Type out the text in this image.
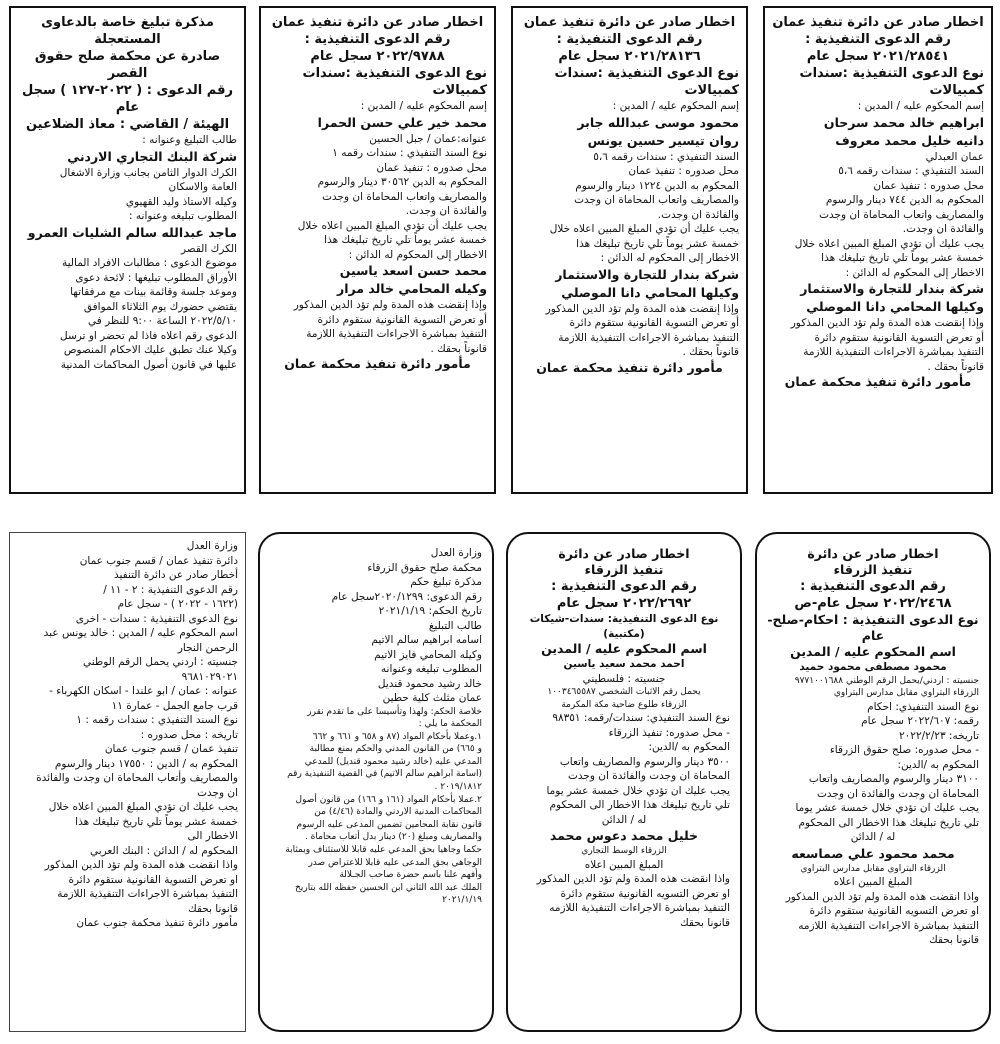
اخطار صادر عن دائرة تنفيذ عمان
رقم الدعوى التنفيذية :
٢٠٢١/٢٨٥٤١ سجل عام
نوع الدعوى التنفيذية :سندات كمبيالات
إسم المحكوم عليه / المدين :
ابراهيم خالد محمد سرحان
دانيه خليل محمد معروف
عمان العبدلي
السند التنفيذي : سندات رقمه ٥،٦
محل صدوره : تنفيذ عمان
المحكوم به الدين ٧٤٤ دينار والرسوم
والمصاريف واتعاب المحاماة ان وجدت
والفائدة ان وجدت.
يجب عليك أن تؤدي المبلغ المبين اعلاه خلال
خمسة عشر يوماً تلي تاريخ تبليغك هذا
الاخطار إلى المحكوم له الدائن :
شركة بندار للتجارة والاستثمار
وكيلها المحامي دانا الموصلي
وإذا إنقضت هذه المدة ولم تؤد الدين المذكور
أو تعرض التسوية القانونية ستقوم دائرة
التنفيذ بمباشرة الاجراءات التنفيذية اللازمة
قانوناً بحقك .
مأمور دائرة تنفيذ محكمة عمان
اخطار صادر عن دائرة تنفيذ عمان
رقم الدعوى التنفيذية :
٢٠٢١/٢٨١٣٦ سجل عام
نوع الدعوى التنفيذية :سندات كمبيالات
إسم المحكوم عليه / المدين :
محمود موسى عبدالله جابر
روان تيسير حسين يونس
السند التنفيذي : سندات رقمه ٥،٦
محل صدوره : تنفيذ عمان
المحكوم به الدين ١٢٢٤ دينار والرسوم
والمصاريف واتعاب المحاماة ان وجدت
والفائدة ان وجدت.
يجب عليك أن تؤدي المبلغ المبين اعلاه خلال
خمسة عشر يوماً تلي تاريخ تبليغك هذا
الاخطار إلى المحكوم له الدائن :
شركة بندار للتجارة والاستثمار
وكيلها المحامي دانا الموصلي
وإذا إنقضت هذه المدة ولم تؤد الدين المذكور
أو تعرض التسوية القانونية ستقوم دائرة
التنفيذ بمباشرة الاجراءات التنفيذية اللازمة
قانوناً بحقك .
مأمور دائرة تنفيذ محكمة عمان
اخطار صادر عن دائرة تنفيذ عمان
رقم الدعوى التنفيذية :
٢٠٢٢/٩٧٨٨ سجل عام
نوع الدعوى التنفيذية :سندات كمبيالات
إسم المحكوم عليه / المدين :
محمد خير علي حسن الحمرا
عنوانه:عمان / جبل الحسين
نوع السند التنفيذي : سندات رقمه ١
محل صدوره : تنفيذ عمان
المحكوم به الدين ٣٠٥٦٢ دينار والرسوم
والمصاريف واتعاب المحاماة ان وجدت
والفائدة ان وجدت.
يجب عليك أن تؤدي المبلغ المبين اعلاه خلال
خمسة عشر يوماً تلي تاريخ تبليغك هذا
الاخطار إلى المحكوم له الدائن :
محمد حسن اسعد ياسين
وكيله المحامي خالد مرار
وإذا إنقضت هذه المدة ولم تؤد الدين المذكور
أو تعرض التسوية القانونية ستقوم دائرة
التنفيذ بمباشرة الاجراءات التنفيذية اللازمة
قانوناً بحقك .
مأمور دائرة تنفيذ محكمة عمان
مذكرة تبليغ خاصة بالدعاوى المستعجلة
صادرة عن محكمة صلح حقوق القصر
رقم الدعوى : ( ٢٠٢٢-١٢٧ ) سجل عام
الهيئة / القاضي : معاذ الضلاعين
طالب التبليغ وعنوانه :
شركة البنك التجاري الاردني
الكرك الدوار الثامن بجانب وزارة الاشغال
العامة والاسكان
وكيله الاستاذ وليد القهيوي
المطلوب تبليغه وعنوانه :
ماجد عبدالله سالم الشليات العمرو
الكرك القصر
موضوع الدعوى : مطالبات الافراد المالية
الأوراق المطلوب تبليغها : لائحة دعوى
وموعد جلسة وقائمة بينات مع مرفقاتها
يقتضي حضورك يوم الثلاثاء الموافق
٢٠٢٢/٥/١٠ الساعة ٩:٠٠ للنظر في
الدعوى رقم اعلاه فاذا لم تحضر او ترسل
وكيلا عنك تطبق عليك الاحكام المنصوص
عليها في قانون أصول المحاكمات المدنية
اخطار صادر عن دائرة
تنفيذ الزرقاء
رقم الدعوى التنفيذية :
٢٠٢٢/٢٤٦٨ سجل عام-ص
نوع الدعوى التنفيذية : احكام-صلح-عام
اسم المحكوم عليه / المدين
محمود مصطفى محمود حميد
جنسيته : اردني/يحمل الرقم الوطني ٩٧٧١٠٠١٦٨٨
الزرقاء البتراوي مقابل مدارس البتراوي
نوع السند التنفيذي: احكام
رقمه: ٢٠٢٢/٦٠٧ سجل عام
تاريخه: ٢٠٢٢/٢/٢٣
- محل صدوره: صلح حقوق الزرقاء
المحكوم به /الدين:
٣١٠٠ دينار والرسوم والمصاريف واتعاب
المحاماة ان وجدت والفائدة ان وجدت
يجب عليك ان تؤدي خلال خمسة عشر يوما
تلي تاريخ تبليغك هذا الاخطار الى المحكوم
له / الدائن
محمد محمود علي صماسعه
الزرقاء البتراوي مقابل مدارس البتراوي
المبلغ المبين اعلاه
واذا انقضت هذه المدة ولم تؤد الدين المذكور
او تعرض التسويه القانونية ستقوم دائرة
التنفيذ بمباشرة الاجراءات التنفيذية اللازمه
قانونا بحقك
اخطار صادر عن دائرة
تنفيذ الزرقاء
رقم الدعوى التنفيذية :
٢٠٢٢/٢٦٩٢ سجل عام
نوع الدعوى التنفيذية: سندات-شيكات (مكتبية)
اسم المحكوم عليه / المدين
احمد محمد سعيد ياسين
جنسيته : فلسطيني
يحمل رقم الاثبات الشخصي ١٠٠٣٤٦٥٥٨٧
الزرقاء طلوع ضاحية مكة المكرمة
نوع السند التنفيذي: سندات/رقمه: ٩٨٣٥١
- محل صدوره: تنفيذ الزرقاء
المحكوم به /الدين:
٣٥٠٠ دينار والرسوم والمصاريف واتعاب
المحاماة ان وجدت والفائدة ان وجدت
يجب عليك ان تؤدي خلال خمسة عشر يوما
تلي تاريخ تبليغك هذا الاخطار الى المحكوم
له / الدائن
خليل محمد دعوس محمد
الزرقاء الوسط التجاري
المبلغ المبين اعلاه
واذا انقضت هذه المدة ولم تؤد الدين المذكور
او تعرض التسويه القانونية ستقوم دائرة
التنفيذ بمباشرة الاجراءات التنفيذية اللازمه
قانونا بحقك
وزارة العدل
محكمة صلح حقوق الزرقاء
مذكرة تبليغ حكم
رقم الدعوى: ٢٠٢٠/١٢٩٩سجل عام
تاريخ الحكم: ٢٠٢١/١/١٩
طالب التبليغ
اسامه ابراهيم سالم الاتيم
وكيله المحامي فايز الاتيم
المطلوب تبليغه وعنوانه
خالد رشيد محمود قنديل
عمان مثلث كلية حطين
خلاصة الحكم: ولهذا وتأسيسا على ما تقدم نقرر
المحكمة ما يلي :
١.وعملا بأحكام المواد (٨٧ و ٦٥٨ و ٦٦١ و ٦٦٢
و ٦٦٥) من القانون المدني والحكم بمنع مطالبة
المدعي عليه (خالد رشيد محمود قنديل) للمدعي
(اسامة ابراهيم سالم الاتيم) في القضية التنفيذية رقم
٢٠١٩/١٨١٢ .
٢.عملا بأحكام المواد (١٦١ و ١٦٦) من قانون أصول
المحاكمات المدنية الاردني والمادة (٤/٤٦) من
قانون نقابة المحامين تضمين المدعى عليه الرسوم
والمصاريف ومبلغ (٢٠) دينار بدل أتعاب محاماة .
حكما وجاهيا بحق المدعي عليه قابلا للاستئناف وبمثابة
الوجاهي بحق المدعى عليه قابلا للاعتراض صدر
وأفهم علنا باسم حضرة صاحب الجـلالة
الملك عبد الله الثاني ابن الحسين حفظه الله بتاريخ
٢٠٢١/١/١٩
وزارة العدل
دائرة تنفيذ عمان / قسم جنوب عمان
أخطار صادر عن دائرة التنفيذ
رقم الدعوى التنفيذية : ٢ - ١١ /
(١٦٢٢ - ٢٠٢٢ ) - سجل عام
نوع الدعوى التنفيذية : سندات - اخرى
اسم المحكوم عليه / المدين : خالد يونس عبد
الرحمن النجار
جنسيته : اردني يحمل الرقم الوطني
٩٦٨١٠٢٩٠٢١
عنوانه : عمان / ابو علندا - اسكان الكهرباء -
قرب جامع الجمل - عمارة ١١
نوع السند التنفيذي : سندات رقمه : ١
تاريخه : محل صدوره :
تنفيذ عمان / قسم جنوب عمان
المحكوم به / الدين : ١٧٥٥٠ دينار والرسوم
والمصاريف وأتعاب المحاماة ان وجدت والفائدة
ان وجدت
يجب عليك ان تؤدي المبلغ المبين اعلاه خلال
خمسة عشر يوماً تلي تاريخ تبليغك هذا
الاخطار الى
المحكوم له / الدائن : البنك العربي
واذا انقضت هذه المدة ولم تؤد الدين المذكور
او تعرض التسوية القانونية ستقوم دائرة
التنفيذ بمباشرة الاجراءات التنفيذية اللازمة
قانونا بحقك
مأمور دائرة تنفيذ محكمة جنوب عمان
